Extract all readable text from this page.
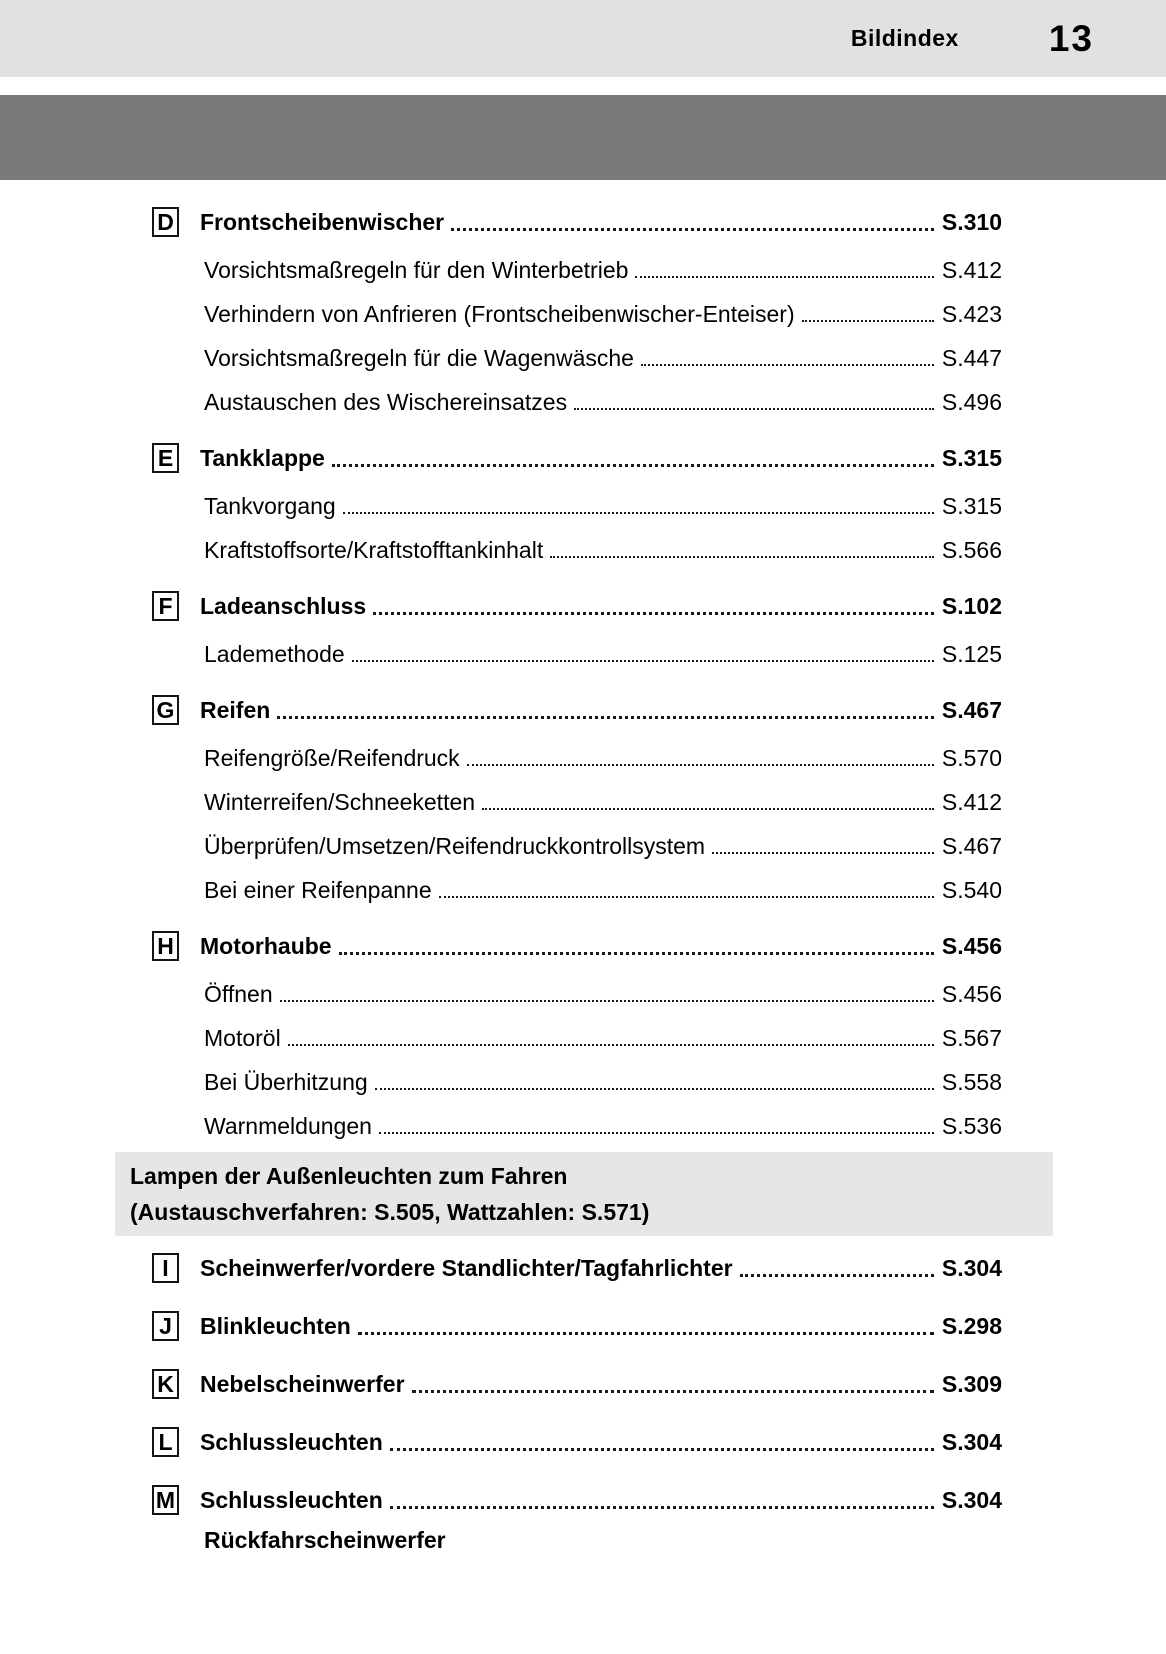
Bildindex 13
D Frontscheibenwischer	S.310
Vorsichtsmaßregeln für den Winterbetrieb	S.412
Verhindern von Anfrieren (Frontscheibenwischer-Enteiser)	S.423
Vorsichtsmaßregeln für die Wagenwäsche	S.447
Austauschen des Wischereinsatzes	S.496
E Tankklappe	S.315
Tankvorgang	S.315
Kraftstoffsorte/Kraftstofftankinhalt	S.566
F Ladeanschluss	S.102
Lademethode	S.125
G Reifen	S.467
Reifengröße/Reifendruck	S.570
Winterreifen/Schneeketten	S.412
Überprüfen/Umsetzen/Reifendruckkontrollsystem	S.467
Bei einer Reifenpanne	S.540
H Motorhaube	S.456
Öffnen	S.456
Motoröl	S.567
Bei Überhitzung	S.558
Warnmeldungen	S.536
Lampen der Außenleuchten zum Fahren
(Austauschverfahren: S.505, Wattzahlen: S.571)
I	Scheinwerfer/vordere Standlichter/Tagfahrlichter	S.304
J	Blinkleuchten	S.298
K Nebelscheinwerfer	S.309
L Schlussleuchten	S.304
M Schlussleuchten	S.304
Rückfahrscheinwerfer
